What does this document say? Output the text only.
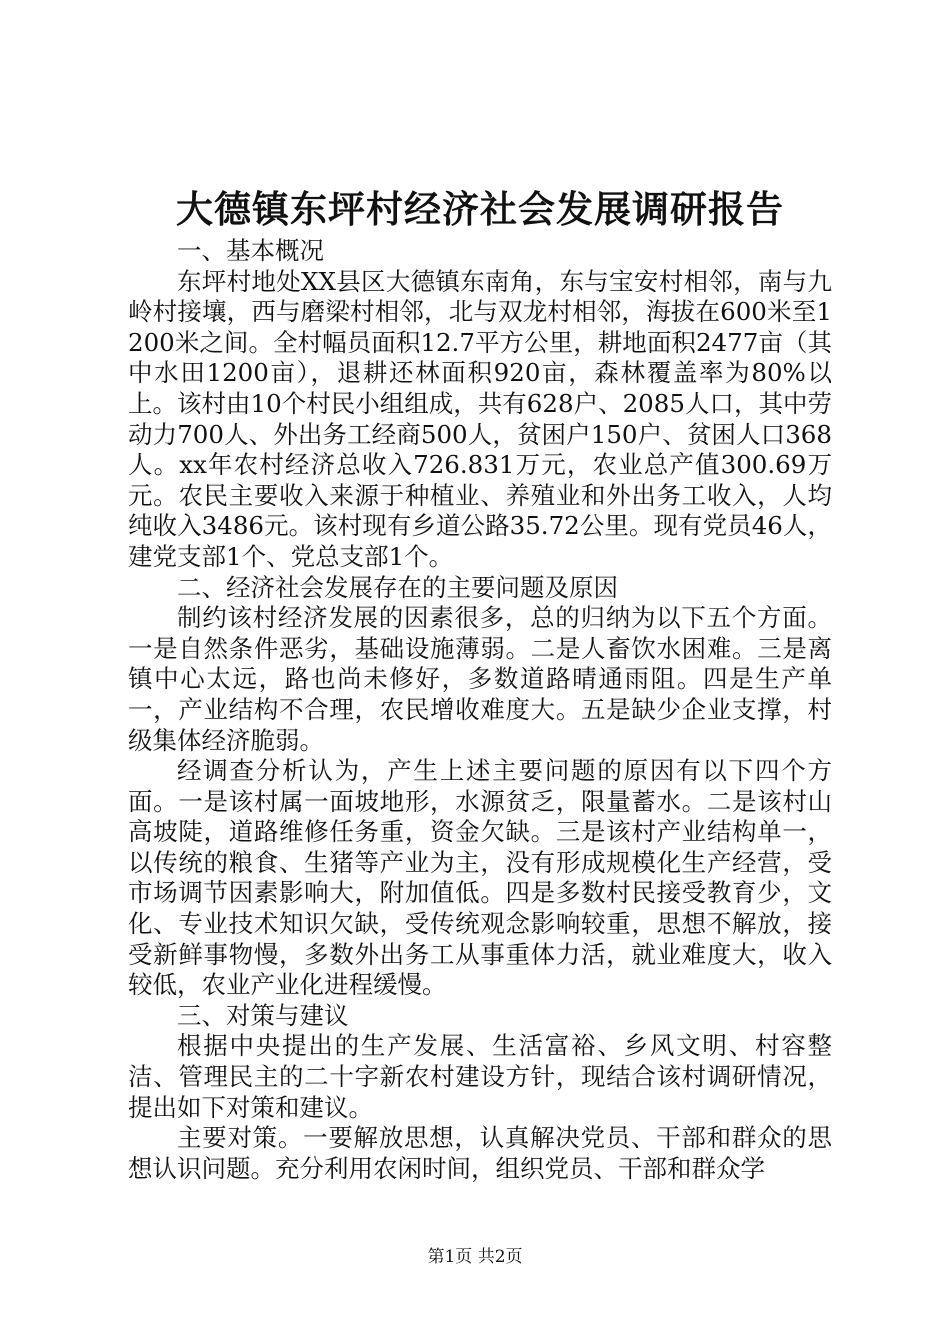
大德镇东坪村经济社会发展调研报告

一、基本概况

东坪村地处XX县区大德镇东南角，东与宝安村相邻，南与九岭村接壤，西与磨梁村相邻，北与双龙村相邻，海拔在600米至1200米之间。全村幅员面积12.7平方公里，耕地面积2477亩（其中水田1200亩），退耕还林面积920亩，森林覆盖率为80%以上。该村由10个村民小组组成，共有628户、2085人口，其中劳动力700人、外出务工经商500人，贫困户150户、贫困人口368人。xx年农村经济总收入726.831万元，农业总产值300.69万元。农民主要收入来源于种植业、养殖业和外出务工收入，人均纯收入3486元。该村现有乡道公路35.72公里。现有党员46人，建党支部1个、党总支部1个。

二、经济社会发展存在的主要问题及原因

制约该村经济发展的因素很多，总的归纳为以下五个方面。一是自然条件恶劣，基础设施薄弱。二是人畜饮水困难。三是离镇中心太远，路也尚未修好，多数道路晴通雨阻。四是生产单一，产业结构不合理，农民增收难度大。五是缺少企业支撑，村级集体经济脆弱。

经调查分析认为，产生上述主要问题的原因有以下四个方面。一是该村属一面坡地形，水源贫乏，限量蓄水。二是该村山高坡陡，道路维修任务重，资金欠缺。三是该村产业结构单一，以传统的粮食、生猪等产业为主，没有形成规模化生产经营，受市场调节因素影响大，附加值低。四是多数村民接受教育少，文化、专业技术知识欠缺，受传统观念影响较重，思想不解放，接受新鲜事物慢，多数外出务工从事重体力活，就业难度大，收入较低，农业产业化进程缓慢。

三、对策与建议

根据中央提出的生产发展、生活富裕、乡风文明、村容整洁、管理民主的二十字新农村建设方针，现结合该村调研情况，提出如下对策和建议。

主要对策。一要解放思想，认真解决党员、干部和群众的思想认识问题。充分利用农闲时间，组织党员、干部和群众学

第1页 共2页
